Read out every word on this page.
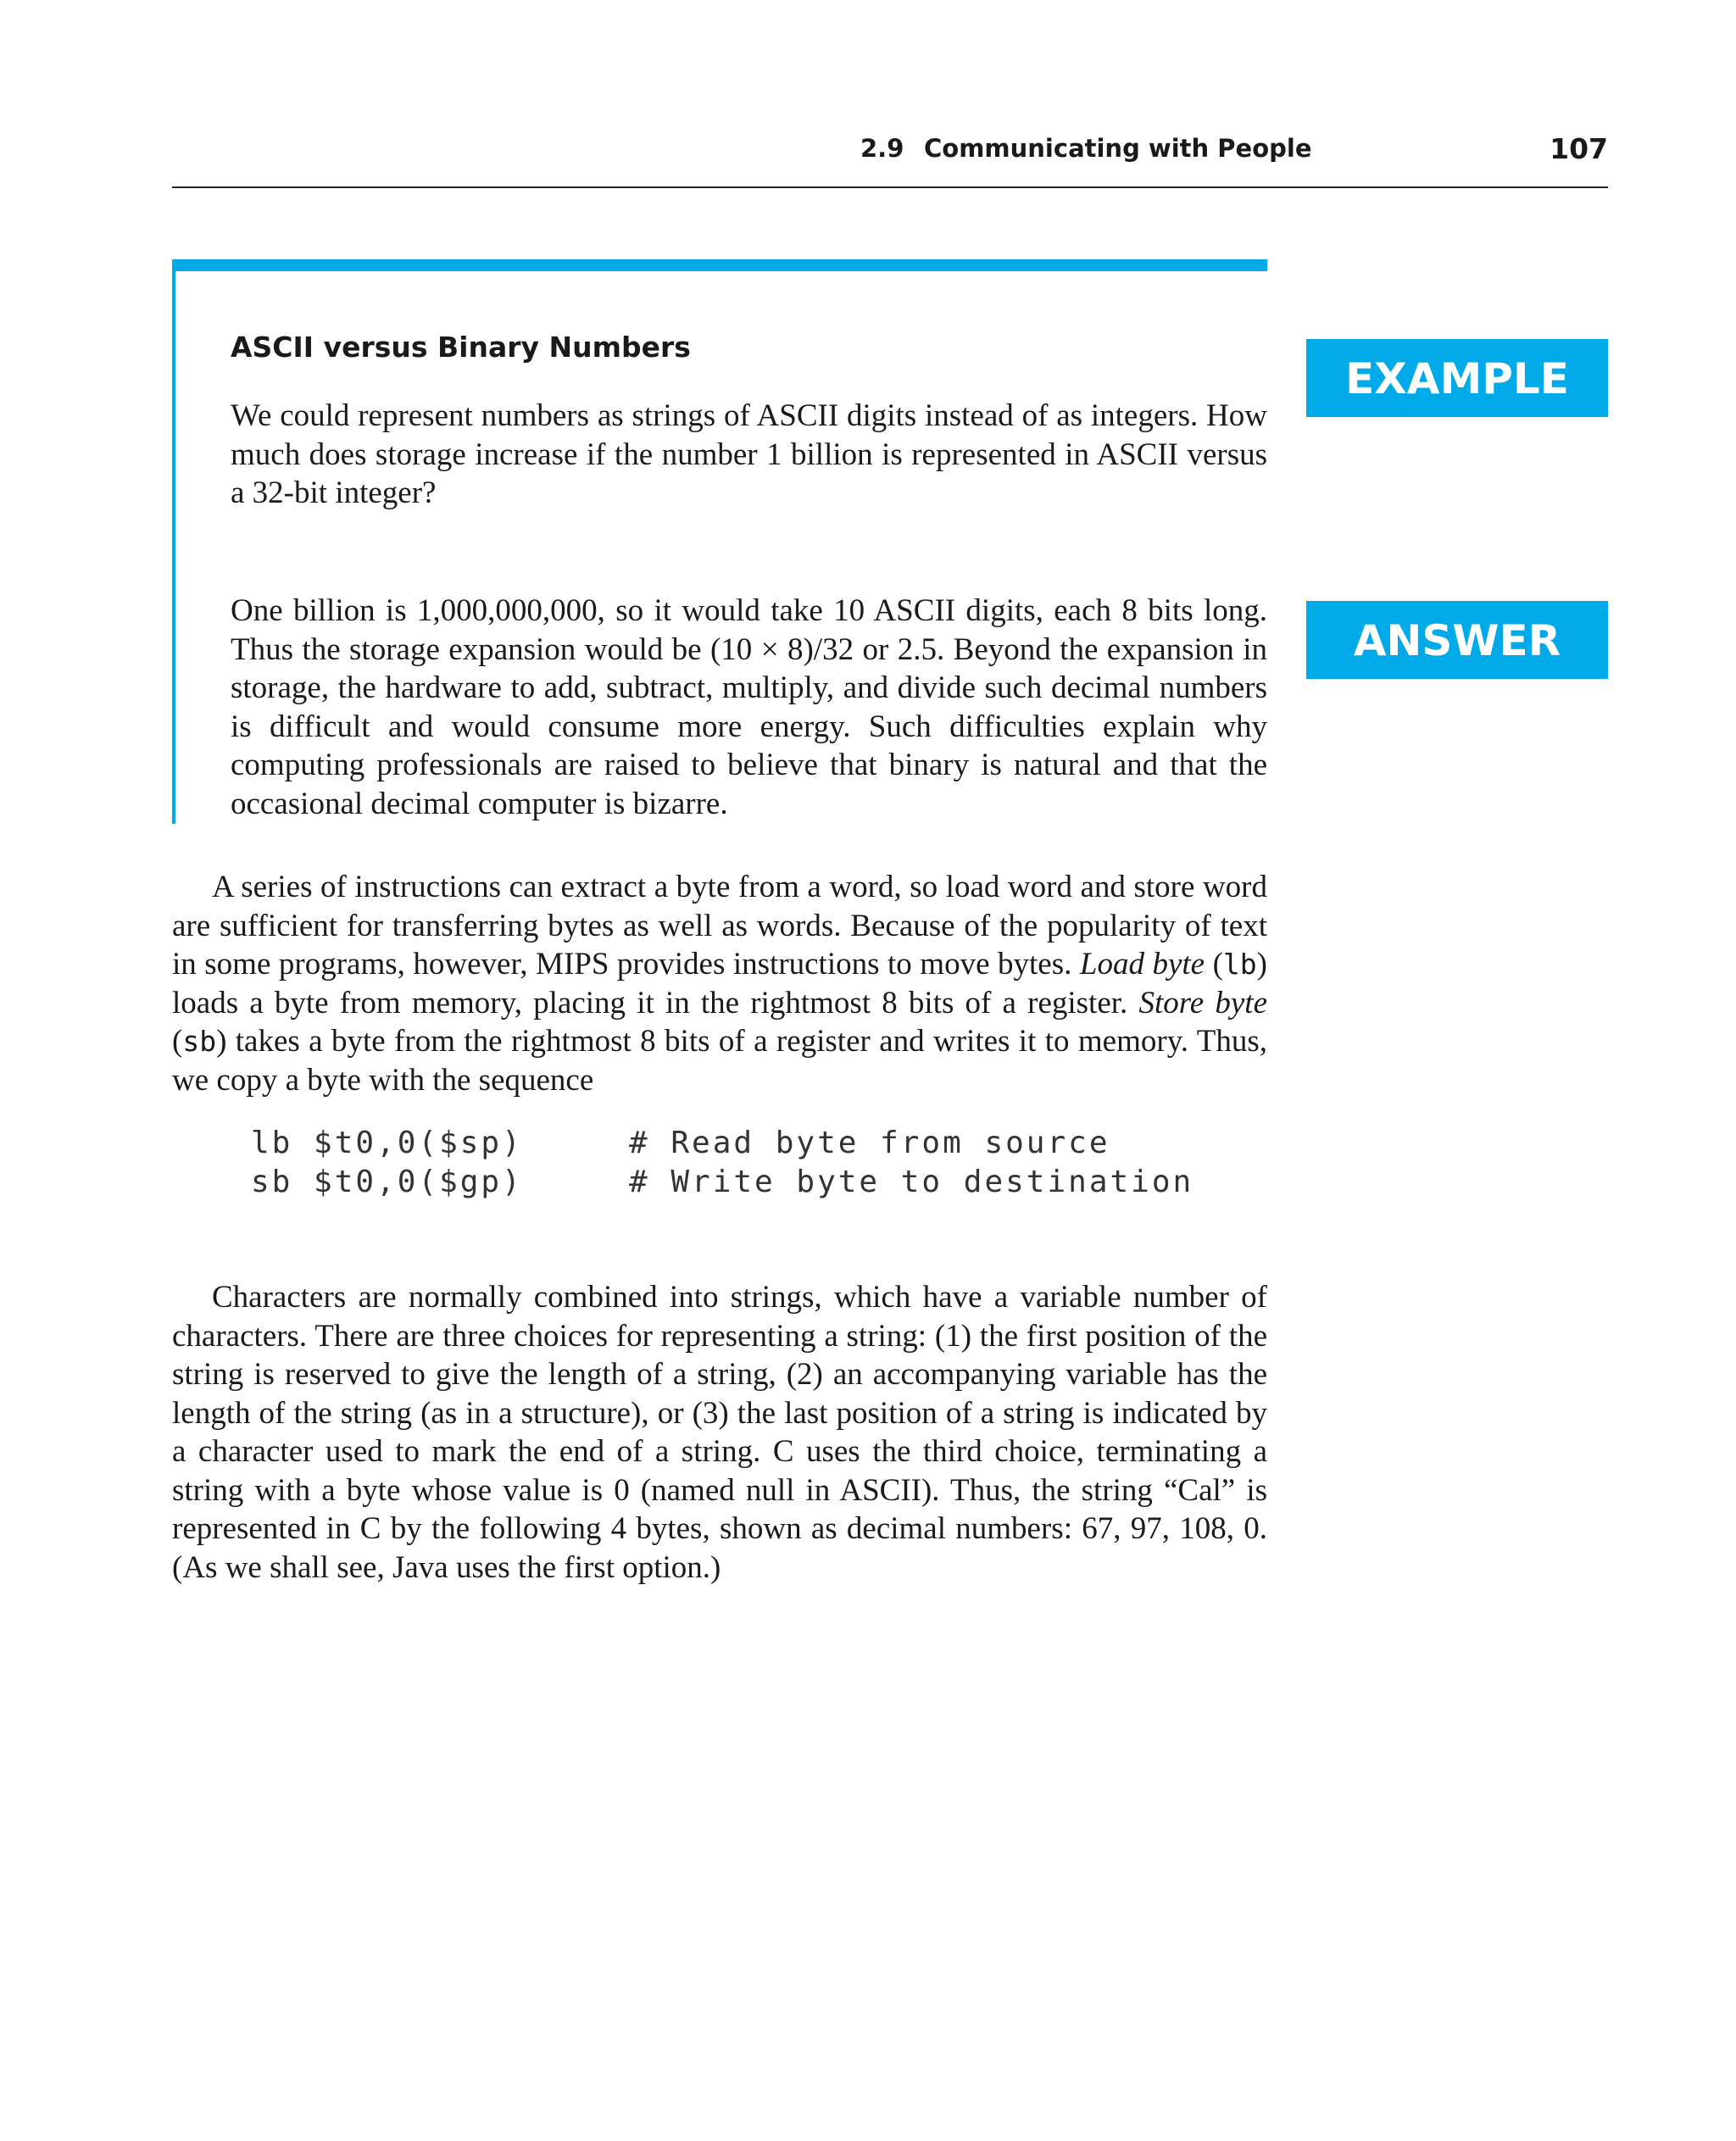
2.9 Communicating with People	107
EXAMPLE
ANSWER
ASCII versus Binary Numbers

We could represent numbers as strings of ASCII digits instead of as integers. How much does storage increase if the number 1 billion is represented in ASCII versus a 32-bit integer?

One billion is 1,000,000,000, so it would take 10 ASCII digits, each 8 bits long. Thus the storage expansion would be (10 × 8)/32 or 2.5. Beyond the expansion in storage, the hardware to add, subtract, multiply, and divide such decimal numbers is difficult and would consume more energy. Such difficulties explain why computing professionals are raised to believe that binary is natural and that the occasional decimal computer is bizarre.

A series of instructions can extract a byte from a word, so load word and store word are sufficient for transferring bytes as well as words. Because of the popularity of text in some programs, however, MIPS provides instructions to move bytes. Load byte (lb) loads a byte from memory, placing it in the rightmost 8 bits of a register. Store byte (sb) takes a byte from the rightmost 8 bits of a register and writes it to memory. Thus, we copy a byte with the sequence

lb $t0,0($sp)	# Read byte from source
sb $t0,0($gp)	# Write byte to destination

Characters are normally combined into strings, which have a variable number of characters. There are three choices for representing a string: (1) the first position of the string is reserved to give the length of a string, (2) an accompanying variable has the length of the string (as in a structure), or (3) the last position of a string is indicated by a character used to mark the end of a string. C uses the third choice, terminating a string with a byte whose value is 0 (named null in ASCII). Thus, the string “Cal” is represented in C by the following 4 bytes, shown as decimal numbers: 67, 97, 108, 0. (As we shall see, Java uses the first option.)
